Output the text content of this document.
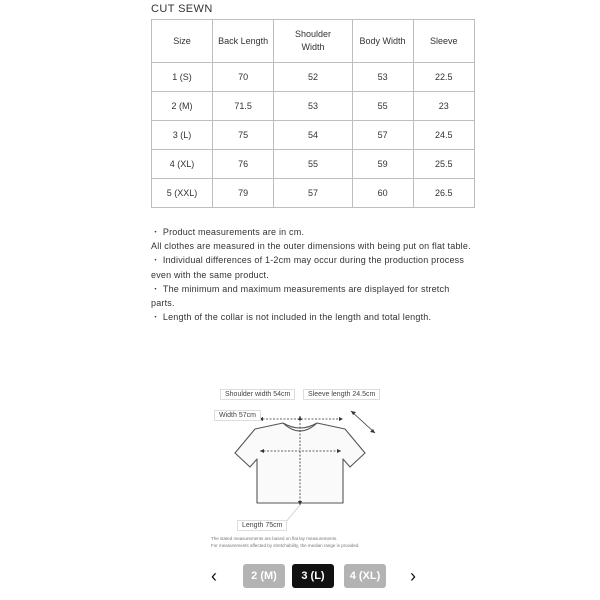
CUT SEWN
Size	Back Length	Shoulder Width	Body Width	Sleeve
1 (S)	70	52	53	22.5
2 (M)	71.5	53	55	23
3 (L)	75	54	57	24.5
4 (XL)	76	55	59	25.5
5 (XXL)	79	57	60	26.5

・ Product measurements are in cm.

All clothes are measured in the outer dimensions with being put on flat table.

・ Individual differences of 1-2cm may occur during the production process even with the same product.

・ The minimum and maximum measurements are displayed for stretch parts.

・ Length of the collar is not included in the length and total length.

Shoulder width 54cm	Sleeve length 24.5cm
Width 57cm
Length 75cm
The stated measurements are based on flat lay measurements.
For measurements affected by stretchability, the median range is provided.
‹	2 (M)	3 (L)	4 (XL)	›
